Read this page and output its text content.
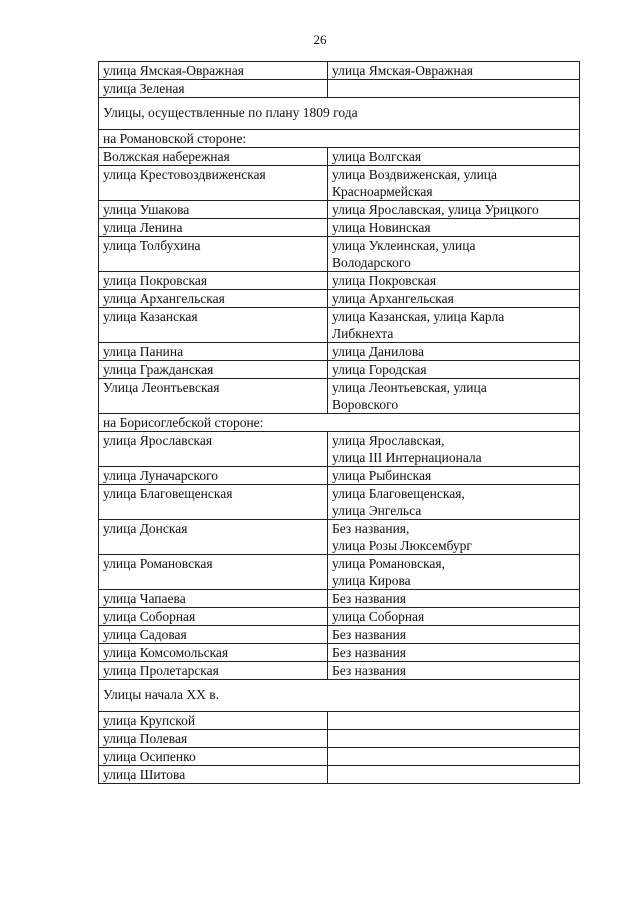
26
улица Ямская-Овражная	улица Ямская-Овражная
улица Зеленая	
Улицы, осуществленные по плану 1809 года	
на Романовской стороне:	
Волжская набережная	улица Волгская
улица Крестовоздвиженская	улица Воздвиженская, улица
Красноармейская
улица Ушакова	улица Ярославская, улица Урицкого
улица Ленина	улица Новинская
улица Толбухина	улица Уклеинская, улица
Володарского
улица Покровская	улица Покровская
улица Архангельская	улица Архангельская
улица Казанская	улица Казанская, улица Карла
Либкнехта
улица Панина	улица Данилова
улица Гражданская	улица Городская
Улица Леонтьевская	улица Леонтьевская, улица
Воровского
на Борисоглебской стороне:	
улица Ярославская	улица Ярославская,
улица III Интернационала
улица Луначарского	улица Рыбинская
улица Благовещенская	улица Благовещенская,
улица Энгельса
улица Донская	Без названия,
улица Розы Люксембург
улица Романовская	улица Романовская,
улица Кирова
улица Чапаева	Без названия
улица Соборная	улица Соборная
улица Садовая	Без названия
улица Комсомольская	Без названия
улица Пролетарская	Без названия
Улицы начала XX в.	
улица Крупской	
улица Полевая	
улица Осипенко	
улица Шитова	
